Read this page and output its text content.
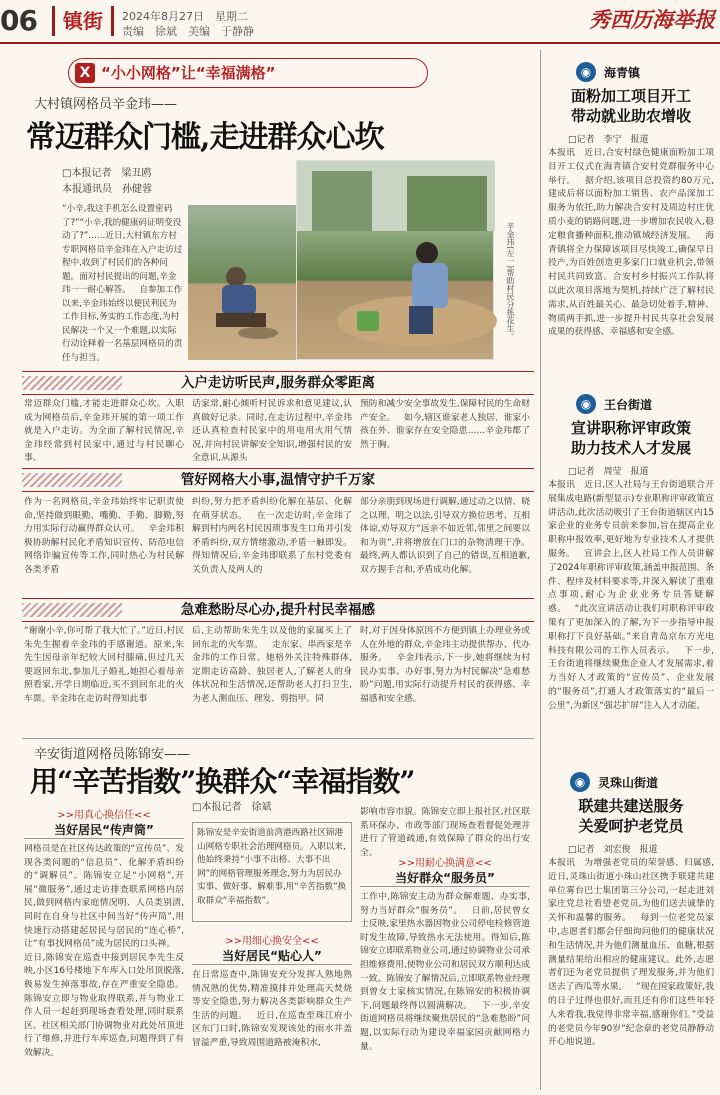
06	镇街	2024年8月27日　 星期二
责编　徐斌　美编　于静静	秀西历海举报
X “小小网格”让“幸福满格”
大村镇网格员辛金玮——
常迈群众门槛,走进群众心坎
□本报记者　梁丑鸥
本报通讯员　孙健蓉
“小辛,我这手机怎么设置密码了?”“小辛,我的健康码证明变没动了?”……近日,大村镇东方村专职网格员辛金玮在入户走访过程中,收到了村民们的各种问题。面对村民提出的问题,辛金玮一一耐心解答。 自参加工作以来,辛金玮始终以便民利民为工作目标,务实的工作态度,为村民解决一个又一个难题,以实际行动诠释着一名基层网格员的责任与担当。
辛金玮(左一)帮助村民分拣花生。
入户走访听民声,服务群众零距离
常迈群众门槛,才能走进群众心坎。入职成为网格员后,辛金玮开展的第一项工作就是入户走访。为全面了解村民情况,辛金玮经常到村民家中,通过与村民聊心事、
话家常,耐心倾听村民诉求和意见建议,认真做好记录。同时,在走访过程中,辛金玮还认真检查村民家中的用电用火用气情况,并向村民讲解安全知识,增强村民的安全意识,从源头
预防和减少安全事故发生,保障村民的生命财产安全。 如今,辖区谁家老人独居、谁家小孩在外、谁家存在安全隐患……辛金玮都了然于胸。
管好网格大小事,温情守护千万家
作为一名网格员,辛金玮始终牢记职责使命,坚持做到眼勤、嘴勤、手勤、脚勤,努力用实际行动赢得群众认可。 辛金玮积极协助解村民化矛盾知识宣传、防范电信网络诈骗宣传等工作,同时热心为村民解各类矛盾
纠纷,努力把矛盾纠纷化解在基层、化解在萌芽状态。 在一次走访时,辛金玮了解到村内两名村民因琐事发生口角并引发矛盾纠纷,双方情绪激动,矛盾一触即发。得知情况后,辛金玮即联系了东村党委有关负责人及两人的
部分亲朋到现场进行调解,通过动之以情、晓之以理、明之以法,引导双方换位思考、互相体谅,劝导双方“远亲不如近邻,邻里之间要以和为贵”,并将增放在门口的杂物清理干净。最终,两人都认识到了自己的错误,互相道歉,双方握手言和,矛盾成功化解。
急难愁盼尽心办,提升村民幸福感
“谢谢小辛,你可帮了我大忙了。”近日,村民朱先生握着辛金玮的手感谢道。原来,朱先生因母亲年纪较大回村膝痛,但过几天要返回东北,参加儿子婚礼,她担心着母亲照看家,开学日期临近,买不到回东北的火车票。辛金玮在走访时得知此事
后,主动帮助朱先生以及他的家属买上了回东北的火车票。 走东家、串西家是辛金玮的工作日常。她格外关注特殊群体,定期走访高龄、独居老人,了解老人的身体状况和生活情况,还帮助老人打扫卫生,为老人测血压、理发、剪指甲。同
时,对于因身体原因不方便到镇上办理业务或人在外地的群众,辛金玮主动提供帮办、代办服务。 辛金玮表示,下一步,她将继续为村民办实事、办好事,努力为村民解决“急难愁盼”问题,用实际行动提升村民的获得感、幸福感和安全感。
辛安街道网格员陈锦安——
用“辛苦指数”换群众“幸福指数”
>>用真心换信任<<
当好居民“传声筒”
网格员是在社区传达政策的“宣传员”、发现各类问题的“信息员”、化解矛盾纠纷的“调解员”。陈锦安立足“小网格”,开展“微服务”,通过走访排查联系网格内居民,做到网格内家庭情况明、人员类别清,同时在自身与社区中间当好“传声筒”,用快速行动搭建起居民与居民的“连心桥”,让“有事找网格员”成为居民的口头禅。 近日,陈锦安在巡查中接到居民李先生反映,小区16号楼地下车库入口处吊顶脱落,极易发生掉落事故,存在严重安全隐患。陈锦安立即与物业取得联系,并与物业工作人员一起赶到现场查看处理,同时联系区、社区相关部门协调物业对此处吊顶进行了维修,并进行车库巡查,问题得到了有效解决。
□本报记者　徐斌
陈锦安是辛安街道前湾港西路社区锦港山网格专职社会治理网格员。入职以来,他始终秉持“小事不出格、大事不出网”的网格管理服务理念,努力为居民办实事、做好事、解难事,用“辛苦指数”换取群众“幸福指数”。
>>用细心换安全<<
当好居民“贴心人”
在日常巡查中,陈锦安充分发挥人熟地熟情况熟的优势,精准摸排并处理高天焚烧等安全隐患,努力解决各类影响群众生产生活的问题。 近日,在巡查至珠江府小区东门口时,陈锦安发现该处的雨水井盖冒溢严重,导致周围道路被淹积水,
影响市容市貌。陈锦安立即上报社区,社区联系环保办、市政等部门现场查看督促处理并进行了管道疏通,有效保障了群众的出行安全。
>>用耐心换满意<<
当好群众“服务员”
工作中,陈锦安主动为群众解难题、办实事,努力当好群众“服务员”。 日前,居民曾女士反映,家里热水器因物业公司停电检修管道时发生故障,导致热水无法使用。得知后,陈锦安立即联系物业公司,通过协调物业公司承担维修费用,使物业公司和居民双方顺利达成一致。陈锦安了解情况后,立即联系物业经理到曾女士家核实情况,在陈锦安的积极协调下,问题最终得以圆满解决。 下一步,辛安街道网格员将继续聚焦居民的“急难愁盼”问题,以实际行动为建设幸福家园贡献网格力量。
◉	海青镇
面粉加工项目开工
带动就业助农增收
□记者　李宁　报道
本报讯　近日,合安村绿色健康面粉加工项目开工仪式在海青镇合安村党群服务中心举行。 据介绍,该项目总投资约80万元,建成后将以面粉加工销售、农产品深加工服务为依托,助力解决合安村及周边村庄优质小麦的销路问题,进一步增加农民收入,稳定粮食播种面积,推动镇域经济发展。 海青镇将全力保障该项目尽快竣工,确保早日投产,为百姓创造更多家门口就业机会,带领村民共同致富。合安村乡村振兴工作队将以此次项目落地为契机,持续广泛了解村民需求,从百姓最关心、最急切处着手,精神、物质两手抓,进一步提升村民共享社会发展成果的获得感、幸福感和安全感。
◉	王台街道
宣讲职称评审政策
助力技术人才发展
□记者　周莹　报道
本报讯　近日,区人社局与王台街道联合开展集成电路(新型显示)专业职称评审政策宣讲活动,此次活动吸引了王台街道辖区内15家企业的业务专员前来参加,旨在提高企业职称申报效率,更好地为专业技术人才提供服务。 宣讲会上,区人社局工作人员讲解了2024年职称评审政策,涵盖申报范围、条件、程序及材料要求等,并深入解读了重难点事项,耐心为企业业务专员答疑解惑。 “此次宣讲活动让我们对职称评审政策有了更加深入的了解,为下一步指导申报职称打下良好基础。”来自青岛京东方光电科技有限公司的工作人员表示。 下一步,王台街道将继续聚焦企业人才发展需求,着力当好人才政策的“宣传员”、企业发展的“服务员”,打通人才政策落实的“最后一公里”,为新区“强芯扩屏”注入人才动能。
◉	灵珠山街道
联建共建送服务
关爱呵护老党员
□记者　刘宏俊　报道
本报讯　为增强老党员的荣誉感、归属感,近日,灵珠山街道小珠山社区携手联建共建单位雾台巴士集团第三分公司,一起走进刘家庄党总社看望老党员,为他们送去诚挚的关怀和温馨的服务。 每到一位老党员家中,志愿者们都会仔细询问他们的健康状况和生活情况,并为他们测量血压、血糖,根据测量结果给出相应的健康建议。此外,志愿者们还为老党员提供了理发服务,并为他们送去了西瓜等水果。 “现在国家政策好,我的日子过得也很好,而且还有你们这些年轻人来看我,我觉得非常幸福,感谢你们。”受益的老党员今年90岁“纪念章的老党员静静动开心地说道。
